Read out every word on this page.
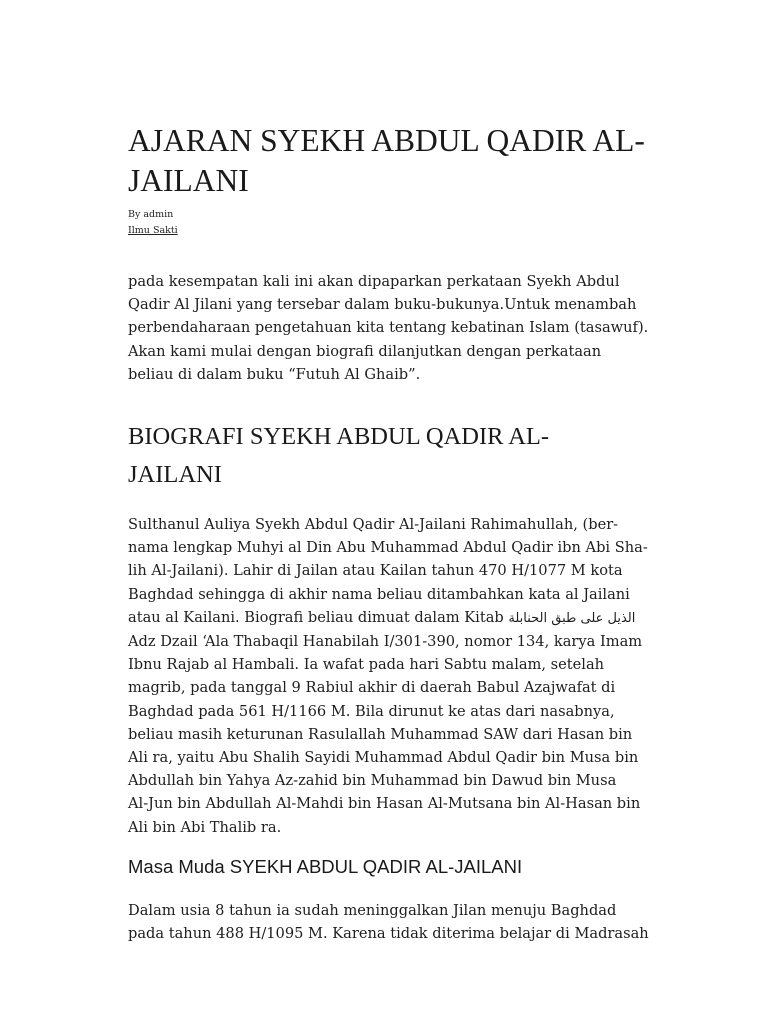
AJARAN SYEKH ABDUL QADIR AL-
JAILANI
By admin
Ilmu Sakti

pada kesempatan kali ini akan dipaparkan perkataan Syekh Abdul
Qadir Al Jilani yang tersebar dalam buku-bukunya.Untuk menambah
perbendaharaan pengetahuan kita tentang kebatinan Islam (tasawuf).
Akan kami mulai dengan biografi dilanjutkan dengan perkataan
beliau di dalam buku “Futuh Al Ghaib”.

BIOGRAFI SYEKH ABDUL QADIR AL-
JAILANI

Sulthanul Auliya Syekh Abdul Qadir Al-Jailani Rahimahullah, (ber-
nama lengkap Muhyi al Din Abu Muhammad Abdul Qadir ibn Abi Sha-
lih Al-Jailani). Lahir di Jailan atau Kailan tahun 470 H/1077 M kota
Baghdad sehingga di akhir nama beliau ditambahkan kata al Jailani
atau al Kailani. Biografi beliau dimuat dalam Kitab الذيل على طبق الحنابلة
Adz Dzail ‘Ala Thabaqil Hanabilah I/301-390, nomor 134, karya Imam
Ibnu Rajab al Hambali. Ia wafat pada hari Sabtu malam, setelah
magrib, pada tanggal 9 Rabiul akhir di daerah Babul Azajwafat di
Baghdad pada 561 H/1166 M. Bila dirunut ke atas dari nasabnya,
beliau masih keturunan Rasulallah Muhammad SAW dari Hasan bin
Ali ra, yaitu Abu Shalih Sayidi Muhammad Abdul Qadir bin Musa bin
Abdullah bin Yahya Az-zahid bin Muhammad bin Dawud bin Musa
Al-Jun bin Abdullah Al-Mahdi bin Hasan Al-Mutsana bin Al-Hasan bin
Ali bin Abi Thalib ra.

Masa Muda SYEKH ABDUL QADIR AL-JAILANI

Dalam usia 8 tahun ia sudah meninggalkan Jilan menuju Baghdad
pada tahun 488 H/1095 M. Karena tidak diterima belajar di Madrasah
